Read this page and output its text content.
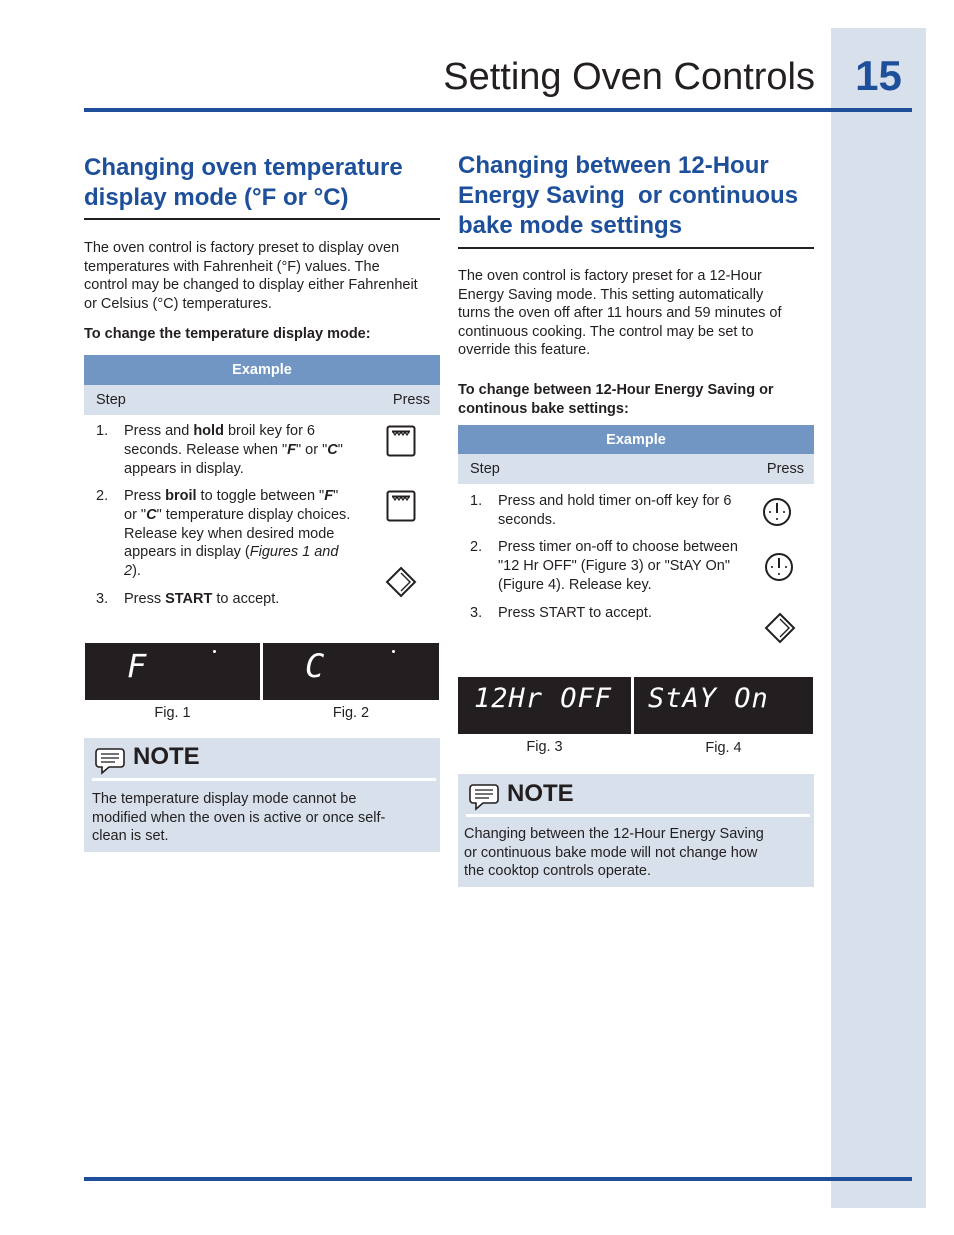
15
Setting Oven Controls
Changing oven temperature
display mode (°F or °C)
The oven control is factory preset to display oven
temperatures with Fahrenheit (°F) values. The
control may be changed to display either Fahrenheit
or Celsius (°C) temperatures.
To change the temperature display mode:
Example
Step	Press
1. Press and hold broil key for 6
seconds. Release when "F" or "C"
appears in display.
2. Press broil to toggle between "F"
or "C" temperature display choices.
Release key when desired mode
appears in display (Figures 1 and
2).
3. Press START to accept.
F	C
Fig. 1	Fig. 2
NOTE
The temperature display mode cannot be
modified when the oven is active or once self-
clean is set.
Changing between 12-Hour
Energy Saving  or continuous
bake mode settings
The oven control is factory preset for a 12-Hour
Energy Saving mode. This setting automatically
turns the oven off after 11 hours and 59 minutes of
continuous cooking. The control may be set to
override this feature.
To change between 12-Hour Energy Saving or
continous bake settings:
Example
Step	Press
1. Press and hold timer on-off key for 6
seconds.
2. Press timer on-off to choose between
"12 Hr OFF" (Figure 3) or "StAY On"
(Figure 4). Release key.
3. Press START to accept.
12Hr OFF StAY On
Fig. 3	Fig. 4
NOTE
Changing between the 12-Hour Energy Saving
or continuous bake mode will not change how
the cooktop controls operate.
